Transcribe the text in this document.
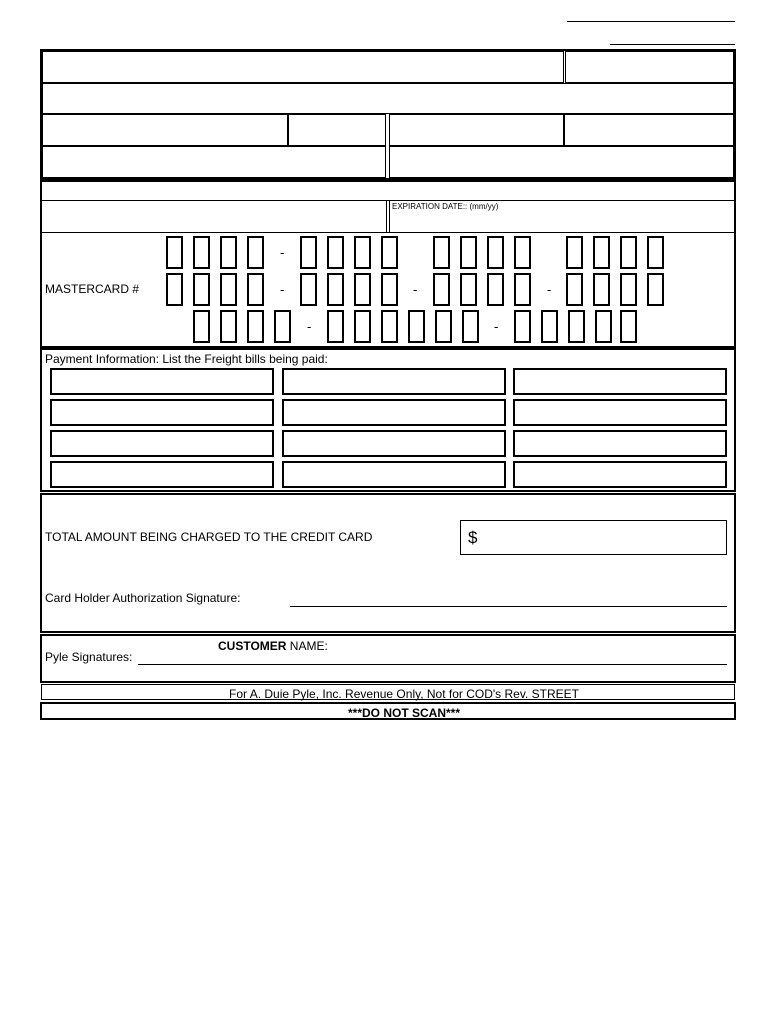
EXPIRATION DATE:: (mm/yy)
MASTERCARD #
-
-	-	-
-	-
Payment Information: List the Freight bills being paid:
TOTAL AMOUNT BEING CHARGED TO THE CREDIT CARD	$
Card Holder Authorization Signature:
CUSTOMER NAME:
Pyle Signatures:
For A. Duie Pyle, Inc. Revenue Only, Not for COD's Rev. STREET
***DO NOT SCAN***
